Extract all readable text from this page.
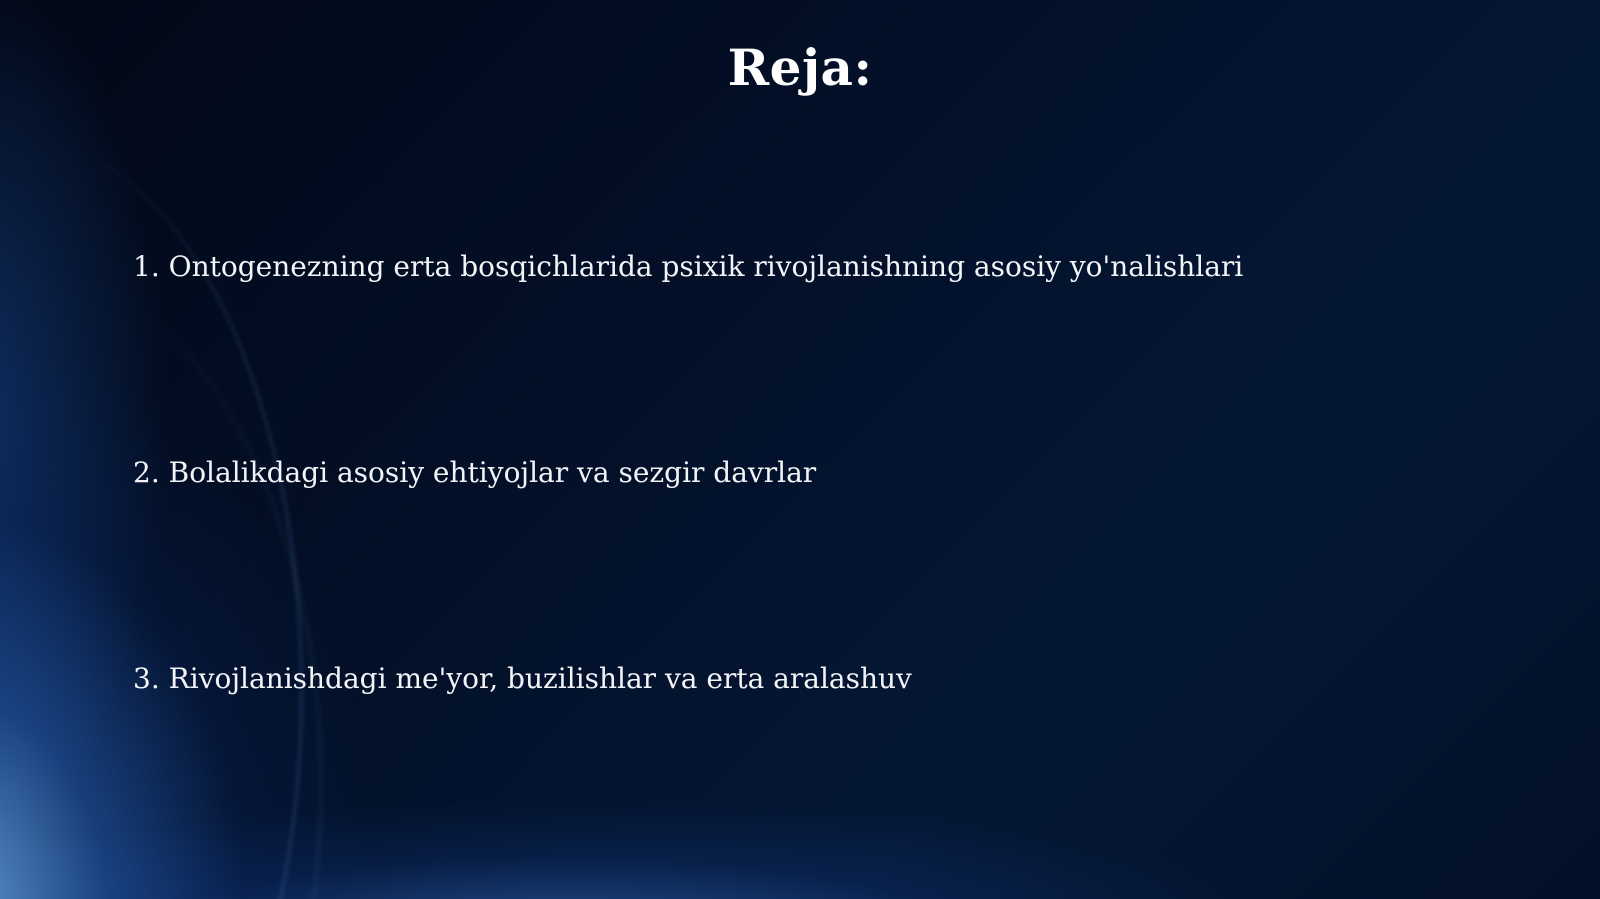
Reja:
1. Ontogenezning erta bosqichlarida psixik rivojlanishning asosiy yo'nalishlari
2. Bolalikdagi asosiy ehtiyojlar va sezgir davrlar
3. Rivojlanishdagi me'yor, buzilishlar va erta aralashuv
